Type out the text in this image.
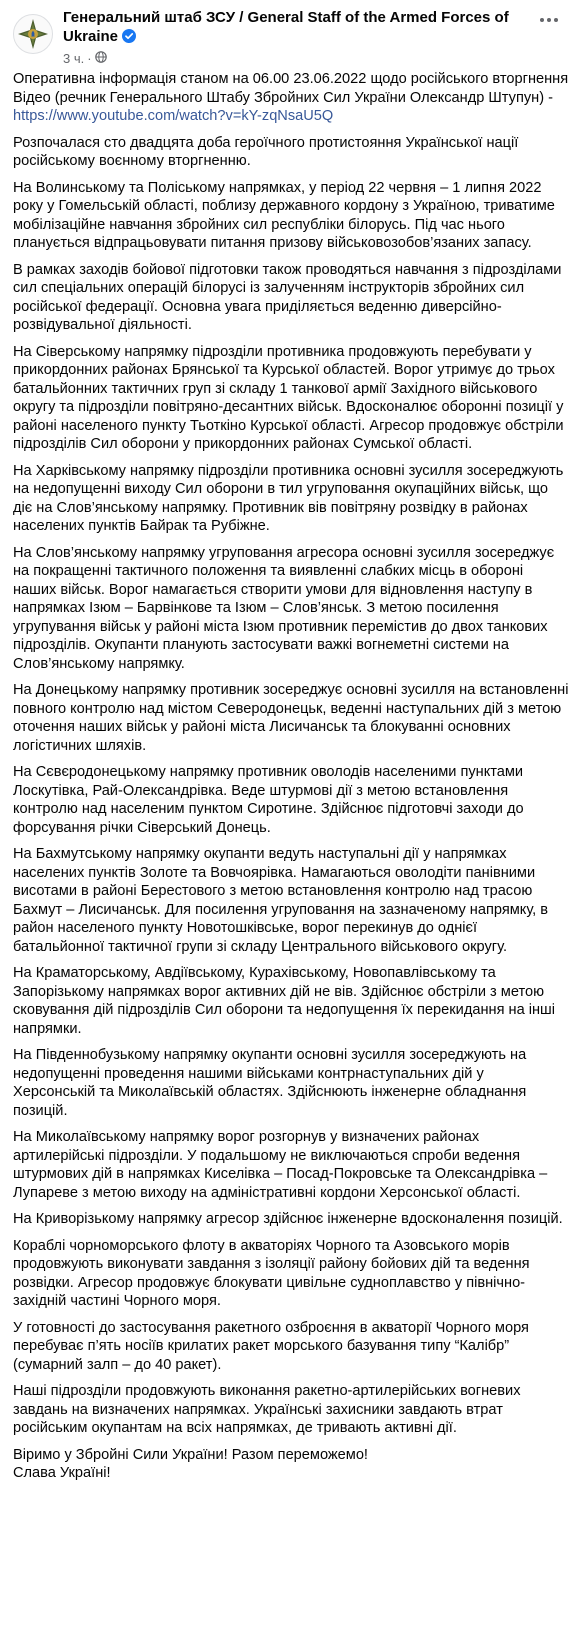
Генеральний штаб ЗСУ / General Staff of the Armed Forces of Ukraine
3 ч. ·

Оперативна інформація станом на 06.00 23.06.2022 щодо російського вторгнення
Відео (речник Генерального Штабу Збройних Сил України Олександр Штупун) -
https://www.youtube.com/watch?v=kY-zqNsaU5Q

Розпочалася сто двадцята доба героїчного протистояння Української нації російському воєнному вторгненню.

На Волинському та Поліському напрямках, у період 22 червня – 1 липня 2022 року у Гомельській області, поблизу державного кордону з Україною, триватиме мобілізаційне навчання збройних сил республіки білорусь. Під час нього планується відпрацьовувати питання призову військовозобов’язаних запасу.

В рамках заходів бойової підготовки також проводяться навчання з підрозділами сил спеціальних операцій білорусі із залученням інструкторів збройних сил російської федерації. Основна увага приділяється веденню диверсійно-розвідувальної діяльності.

На Сіверському напрямку підрозділи противника продовжують перебувати у прикордонних районах Брянської та Курської областей. Ворог утримує до трьох батальйонних тактичних груп зі складу 1 танкової армії Західного військового округу та підрозділи повітряно-десантних військ. Вдосконалює оборонні позиції у районі населеного пункту Тьоткіно Курської області. Агресор продовжує обстріли підрозділів Сил оборони у прикордонних районах Сумської області.

На Харківському напрямку підрозділи противника основні зусилля зосереджують на недопущенні виходу Сил оборони в тил угруповання окупаційних військ, що діє на Слов’янському напрямку. Противник вів повітряну розвідку в районах населених пунктів Байрак та Рубіжне.

На Слов’янському напрямку угруповання агресора основні зусилля зосереджує на покращенні тактичного положення та виявленні слабких місць в обороні наших військ. Ворог намагається створити умови для відновлення наступу в напрямках Ізюм – Барвінкове та Ізюм – Слов’янськ. З метою посилення угрупування військ у районі міста Ізюм противник перемістив до двох танкових підрозділів. Окупанти планують застосувати важкі вогнеметні системи на Слов’янському напрямку.

На Донецькому напрямку противник зосереджує основні зусилля на встановленні повного контролю над містом Северодонецьк, веденні наступальних дій з метою оточення наших військ у районі міста Лисичанськ та блокуванні основних логістичних шляхів.

На Сєвєродонецькому напрямку противник оволодів населеними пунктами Лоскутівка, Рай-Олександрівка. Веде штурмові дії з метою встановлення контролю над населеним пунктом Сиротине. Здійснює підготовчі заходи до форсування річки Сіверський Донець.

На Бахмутському напрямку окупанти ведуть наступальні дії у напрямках населених пунктів Золоте та Вовчоярівка. Намагаються оволодіти панівними висотами в районі Берестового з метою встановлення контролю над трасою Бахмут – Лисичанськ. Для посилення угруповання на зазначеному напрямку, в район населеного пункту Новотошківське, ворог перекинув до однієї батальйонної тактичної групи зі складу Центрального військового округу.

На Краматорському, Авдіївському, Курахівському, Новопавлівському та Запорізькому напрямках ворог активних дій не вів. Здійснює обстріли з метою сковування дій підрозділів Сил оборони та недопущення їх перекидання на інші напрямки.

На Південнобузькому напрямку окупанти основні зусилля зосереджують на недопущенні проведення нашими військами контрнаступальних дій у Херсонській та Миколаївській областях. Здійснюють інженерне обладнання позицій.

На Миколаївському напрямку ворог розгорнув у визначених районах артилерійські підрозділи. У подальшому не виключаються спроби ведення штурмових дій в напрямках Киселівка – Посад-Покровське та Олександрівка – Лупареве з метою виходу на адміністративні кордони Херсонської області.

На Криворізькому напрямку агресор здійснює інженерне вдосконалення позицій.

Кораблі чорноморського флоту в акваторіях Чорного та Азовського морів продовжують виконувати завдання з ізоляції району бойових дій та ведення розвідки. Агресор продовжує блокувати цивільне судноплавство у північно-західній частині Чорного моря.

У готовності до застосування ракетного озброєння в акваторії Чорного моря перебуває п’ять носіїв крилатих ракет морського базування типу “Калібр” (сумарний залп – до 40 ракет).

Наші підрозділи продовжують виконання ракетно-артилерійських вогневих завдань на визначених напрямках. Українські захисники завдають втрат російським окупантам на всіх напрямках, де тривають активні дії.

Віримо у Збройні Сили України! Разом переможемо!
Слава Україні!
